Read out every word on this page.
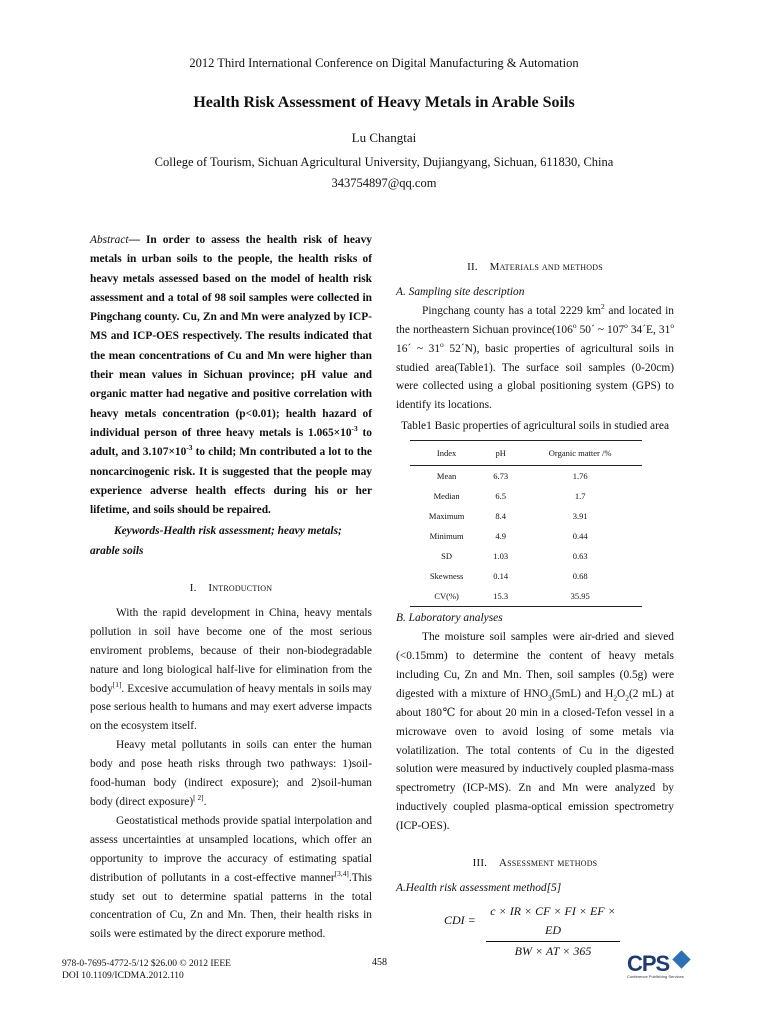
2012 Third International Conference on Digital Manufacturing & Automation
Health Risk Assessment of Heavy Metals in Arable Soils
Lu Changtai
College of Tourism, Sichuan Agricultural University, Dujiangyang, Sichuan, 611830, China
343754897@qq.com
Abstract— In order to assess the health risk of heavy metals in urban soils to the people, the health risks of heavy metals assessed based on the model of health risk assessment and a total of 98 soil samples were collected in Pingchang county. Cu, Zn and Mn were analyzed by ICP-MS and ICP-OES respectively. The results indicated that the mean concentrations of Cu and Mn were higher than their mean values in Sichuan province; pH value and organic matter had negative and positive correlation with heavy metals concentration (p<0.01); health hazard of individual person of three heavy metals is $1.065\times 10^{-3}$ to adult, and $3.107\times 10^{-3}$ to child; Mn contributed a lot to the noncarcinogenic risk. It is suggested that the people may experience adverse health effects during his or her lifetime, and soils should be repaired.
Keywords-Health risk assessment; heavy metals; arable soils
I. Introduction

With the rapid development in China, heavy mentals pollution in soil have become one of the most serious enviroment problems, because of their non-biodegradable nature and long biological half-live for elimination from the body[1]. Excesive accumulation of heavy mentals in soils may pose serious health to humans and may exert adverse impacts on the ecosystem itself.

Heavy metal pollutants in soils can enter the human body and pose heath risks through two pathways: 1)soil-food-human body (indirect exposure); and 2)soil-human body (direct exposure)[ 2].

Geostatistical methods provide spatial interpolation and assess uncertainties at unsampled locations, which offer an opportunity to improve the accuracy of estimating spatial distribution of pollutants in a cost-effective manner[3,4].This study set out to determine spatial patterns in the total concentration of Cu, Zn and Mn. Then, their health risks in soils were estimated by the direct exporure method.

II. Materials and methods

A. Sampling site description

Pingchang county has a total 2229 $km^2$ and located in the northeastern Sichuan province(106$^o$ 50´ ~ 107$^o$ 34´E, 31$^o$ 16´ ~ 31$^o$ 52´N), basic properties of agricultural soils in studied area(Table1). The surface soil samples (0-20cm) were collected using a global positioning system (GPS) to identify its locations.

Table1 Basic properties of agricultural soils in studied area
Index	pH	Organic matter /%
Mean	6.73	1.76
Median	6.5	1.7
Maximum	8.4	3.91
Minimum	4.9	0.44
SD	1.03	0.63
Skewness	0.14	0.68
CV(%)	15.3	35.95

B. Laboratory analyses

The moisture soil samples were air-dried and sieved (<0.15mm) to determine the content of heavy metals including Cu, Zn and Mn. Then, soil samples (0.5g) were digested with a mixture of $HNO_3(5mL)$ and $H_2O_2(2$ mL) at about 180℃ for about 20 min in a closed-Tefon vessel in a microwave oven to avoid losing of some metals via volatilization. The total contents of Cu in the digested solution were measured by inductively coupled plasma-mass spectrometry (ICP-MS). Zn and Mn were analyzed by inductively coupled plasma-optical emission spectrometry (ICP-OES).

III. Assessment methods

A.Health risk assessment method[5]

CDI = $\frac{c \times IR \times CF \times FI \times EF \times ED}{BW \times AT \times 365}$
978-0-7695-4772-5/12 $26.00 © 2012 IEEE
DOI 10.1109/ICDMA.2012.110
458	CPS
Conference Publishing Services
